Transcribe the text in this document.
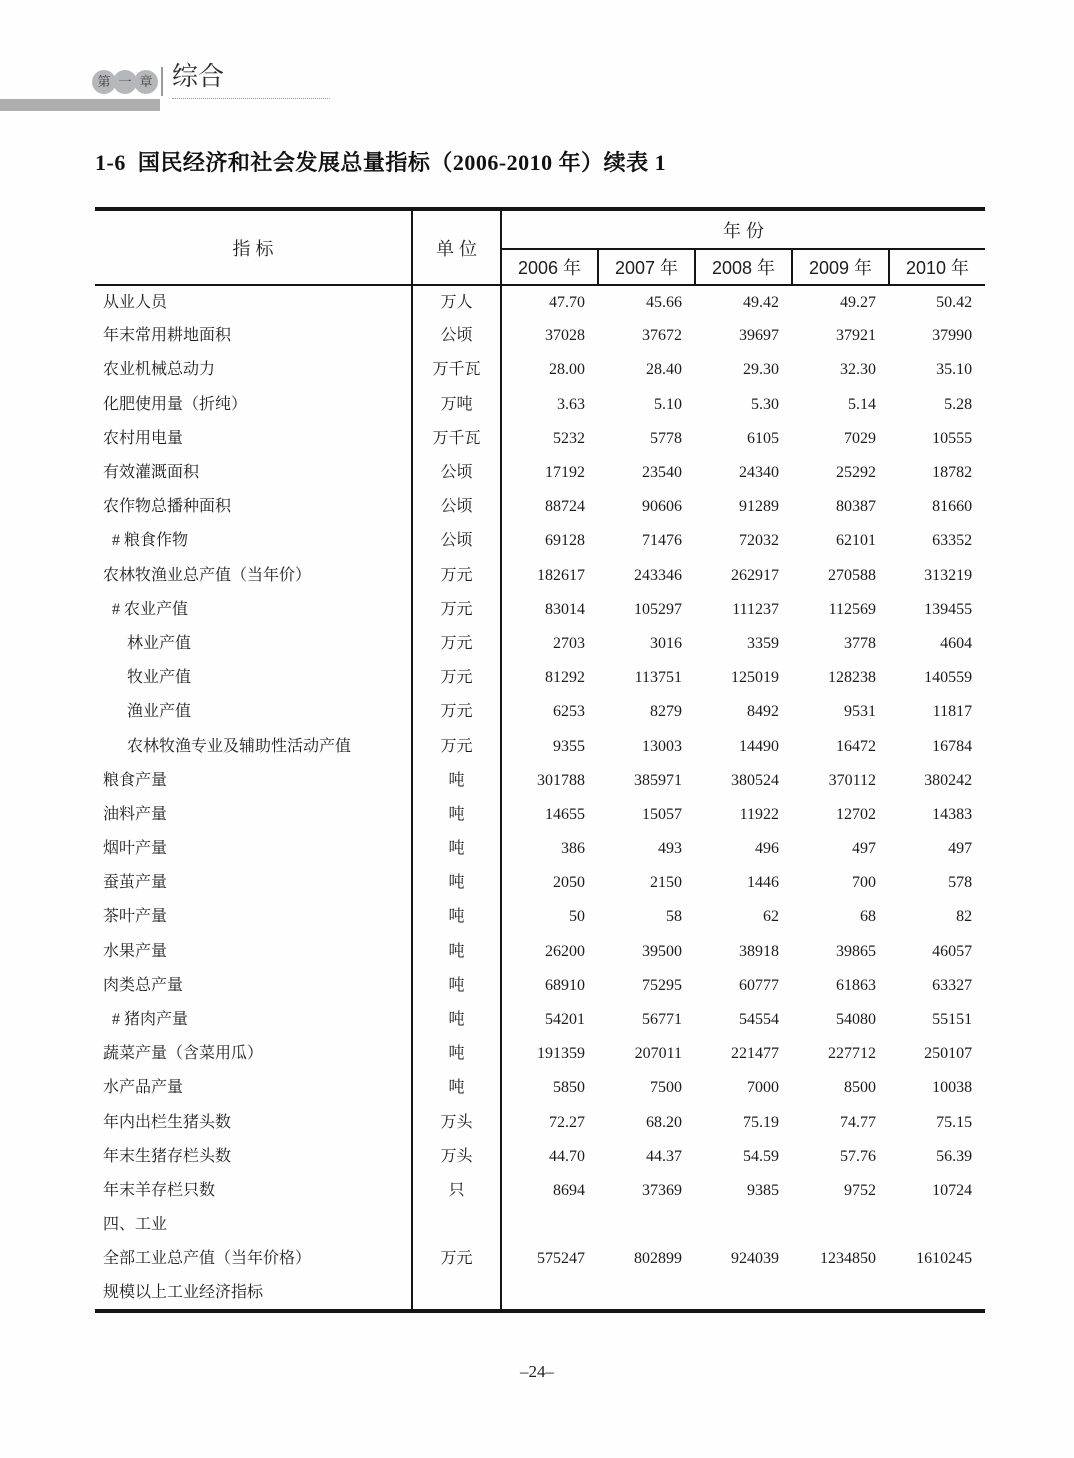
第 一 章 综合
1-6 国民经济和社会发展总量指标（2006-2010 年）续表 1
指 标	单 位	年 份				
		2006 年	2007 年	2008 年	2009 年	2010 年
从业人员	万人	47.70	45.66	49.42	49.27	50.42
年末常用耕地面积	公顷	37028	37672	39697	37921	37990
农业机械总动力	万千瓦	28.00	28.40	29.30	32.30	35.10
化肥使用量（折纯）	万吨	3.63	5.10	5.30	5.14	5.28
农村用电量	万千瓦	5232	5778	6105	7029	10555
有效灌溉面积	公顷	17192	23540	24340	25292	18782
农作物总播种面积	公顷	88724	90606	91289	80387	81660
# 粮食作物	公顷	69128	71476	72032	62101	63352
农林牧渔业总产值（当年价）	万元	182617	243346	262917	270588	313219
# 农业产值	万元	83014	105297	111237	112569	139455
林业产值	万元	2703	3016	3359	3778	4604
牧业产值	万元	81292	113751	125019	128238	140559
渔业产值	万元	6253	8279	8492	9531	11817
农林牧渔专业及辅助性活动产值	万元	9355	13003	14490	16472	16784
粮食产量	吨	301788	385971	380524	370112	380242
油料产量	吨	14655	15057	11922	12702	14383
烟叶产量	吨	386	493	496	497	497
蚕茧产量	吨	2050	2150	1446	700	578
茶叶产量	吨	50	58	62	68	82
水果产量	吨	26200	39500	38918	39865	46057
肉类总产量	吨	68910	75295	60777	61863	63327
# 猪肉产量	吨	54201	56771	54554	54080	55151
蔬菜产量（含菜用瓜）	吨	191359	207011	221477	227712	250107
水产品产量	吨	5850	7500	7000	8500	10038
年内出栏生猪头数	万头	72.27	68.20	75.19	74.77	75.15
年末生猪存栏头数	万头	44.70	44.37	54.59	57.76	56.39
年末羊存栏只数	只	8694	37369	9385	9752	10724
四、工业						
全部工业总产值（当年价格）	万元	575247	802899	924039	1234850	1610245
规模以上工业经济指标						
–24–
